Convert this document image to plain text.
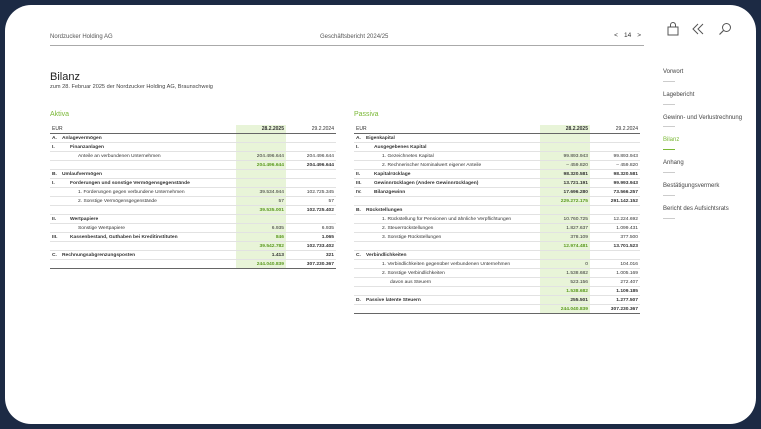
Nordzucker Holding AG	Geschäftsbericht 2024/25	< 14 >
Vorwort
Lagebericht
Gewinn- und Verlustrechnung
Bilanz
Anhang
Bestätigungsvermerk
Bericht des Aufsichtsrats
Bilanz
zum 28. Februar 2025 der Nordzucker Holding AG, Braunschweig
Aktiva
EUR		28.2.2025	29.2.2024
A.	Anlagevermögen		
I.	Finanzanlagen		
	Anteile an verbundenen Unternehmen	204.496.644	204.496.644
		204.496.644	204.496.644
B.	Umlaufvermögen		
I.	Forderungen und sonstige Vermögensgegenstände		
	1. Forderungen gegen verbundene Unternehmen	39.534.944	102.725.345
	2. Sonstige Vermögensgegenstände	57	57
		39.535.001	102.725.402
II.	Wertpapiere		
	Sonstige Wertpapiere	6.935	6.935
III.	Kassenbestand, Guthaben bei Kreditinstituten	846	1.065
		39.542.782	102.733.402
C.	Rechnungsabgrenzungsposten	1.413	321
		244.040.839	307.230.367
Passiva
EUR		28.2.2025	29.2.2024
A.	Eigenkapital		
I.	Ausgegebenes Kapital		
	1. Gezeichnetes Kapital	99.893.943	99.893.943
	2. Rechnerischer Nominalwert eigener Anteile	– 459.820	– 459.820
II.	Kapitalrücklage	98.320.581	98.320.581
III.	Gewinnrücklagen (Andere Gewinnrücklagen)	13.721.191	99.993.943
IV.	Bilanzgewinn	17.696.280	73.566.257
		229.272.175	291.142.152
B.	Rückstellungen		
	1. Rückstellung für Pensionen und ähnliche Verpflichtungen	10.760.725	12.224.692
	2. Steuerrückstellungen	1.827.637	1.099.431
	3. Sonstige Rückstellungen	378.109	377.500
		12.974.481	13.701.523
C.	Verbindlichkeiten		
	1. Verbindlichkeiten gegenüber verbundenen Unternehmen	0	104.016
	2. Sonstige Verbindlichkeiten	1.538.682	1.005.169
	davon aus Steuern	523.156	272.407
		1.538.682	1.109.185
D.	Passive latente Steuern	255.501	1.277.507
		244.040.839	307.230.367
